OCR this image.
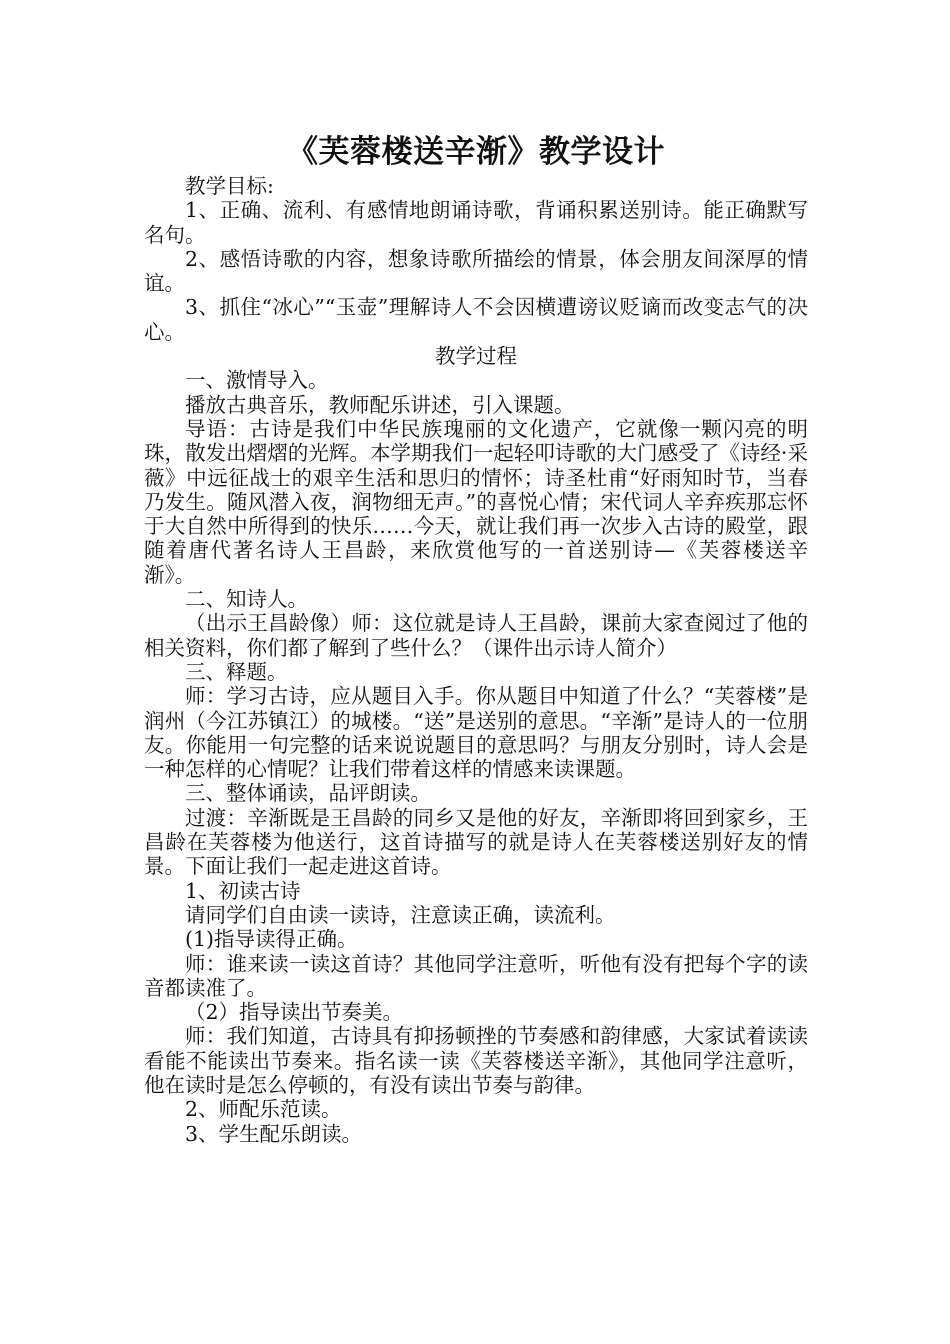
《芙蓉楼送辛渐》教学设计

教学目标:

1、正确、流利、有感情地朗诵诗歌，背诵积累送别诗。能正确默写名句。

2、感悟诗歌的内容，想象诗歌所描绘的情景，体会朋友间深厚的情谊。

3、抓住“冰心”“玉壶”理解诗人不会因横遭谤议贬谪而改变志气的决心。

教学过程

一、激情导入。

播放古典音乐，教师配乐讲述，引入课题。

导语：古诗是我们中华民族瑰丽的文化遗产，它就像一颗闪亮的明珠，散发出熠熠的光辉。本学期我们一起轻叩诗歌的大门感受了《诗经·采薇》中远征战士的艰辛生活和思归的情怀；诗圣杜甫“好雨知时节，当春乃发生。随风潜入夜，润物细无声。”的喜悦心情；宋代词人辛弃疾那忘怀于大自然中所得到的快乐……今天，就让我们再一次步入古诗的殿堂，跟随着唐代著名诗人王昌龄，来欣赏他写的一首送别诗—《芙蓉楼送辛渐》。

二、知诗人。

（出示王昌龄像）师：这位就是诗人王昌龄，课前大家查阅过了他的相关资料，你们都了解到了些什么？（课件出示诗人简介）

三、释题。

师：学习古诗，应从题目入手。你从题目中知道了什么？“芙蓉楼”是润州（今江苏镇江）的城楼。“送”是送别的意思。“辛渐”是诗人的一位朋友。你能用一句完整的话来说说题目的意思吗？与朋友分别时，诗人会是一种怎样的心情呢？让我们带着这样的情感来读课题。

三、整体诵读，品评朗读。

过渡：辛渐既是王昌龄的同乡又是他的好友，辛渐即将回到家乡，王昌龄在芙蓉楼为他送行，这首诗描写的就是诗人在芙蓉楼送别好友的情景。下面让我们一起走进这首诗。

1、初读古诗

请同学们自由读一读诗，注意读正确，读流利。

(1)指导读得正确。

师：谁来读一读这首诗？其他同学注意听，听他有没有把每个字的读音都读准了。

（2）指导读出节奏美。

师：我们知道，古诗具有抑扬顿挫的节奏感和韵律感，大家试着读读看能不能读出节奏来。指名读一读《芙蓉楼送辛渐》，其他同学注意听，他在读时是怎么停顿的，有没有读出节奏与韵律。

2、师配乐范读。

3、学生配乐朗读。
